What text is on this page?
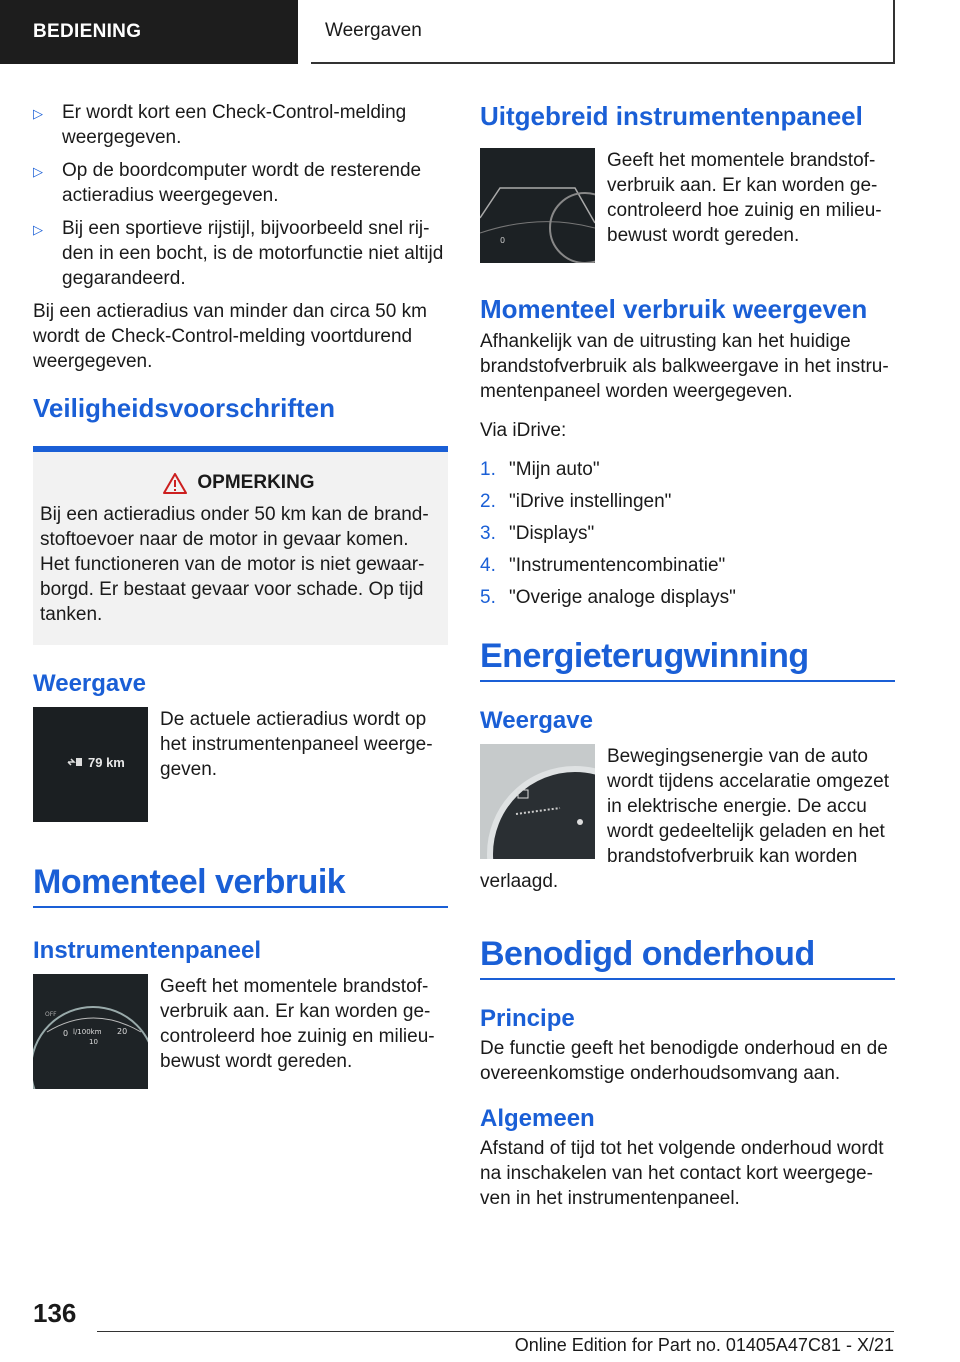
BEDIENING	Weergaven
▷ Er wordt kort een Check-Control-melding weergegeven.
▷ Op de boordcomputer wordt de resterende actieradius weergegeven.
▷ Bij een sportieve rijstijl, bijvoorbeeld snel rijden in een bocht, is de motorfunctie niet altijd gegarandeerd.

Bij een actieradius van minder dan circa 50 km wordt de Check-Control-melding voortdurend weergegeven.

Veiligheidsvoorschriften
OPMERKING

Bij een actieradius onder 50 km kan de brandstoftoevoer naar de motor in gevaar komen. Het functioneren van de motor is niet gewaarborgd. Er bestaat gevaar voor schade. Op tijd tanken.

Weergave
79 km

De actuele actieradius wordt op het instrumentenpaneel weergegeven.

Momenteel verbruik
Instrumentenpaneel
OFF
20
l/100km
10
0

Geeft het momentele brandstofverbruik aan. Er kan worden gecontroleerd hoe zuinig en milieubewust wordt gereden.

Uitgebreid instrumentenpaneel
0

Geeft het momentele brandstofverbruik aan. Er kan worden gecontroleerd hoe zuinig en milieubewust wordt gereden.

Momenteel verbruik weergeven

Afhankelijk van de uitrusting kan het huidige brandstofverbruik als balkweergave in het instrumentenpaneel worden weergegeven.

Via iDrive:

1. "Mijn auto"
2. "iDrive instellingen"
3. "Displays"
4. "Instrumentencombinatie"
5. "Overige analoge displays"
Energieterugwinning
Weergave

Bewegingsenergie van de auto wordt tijdens accelaratie omgezet in elektrische energie. De accu wordt gedeeltelijk geladen en het brandstofverbruik kan worden verlaagd.

Benodigd onderhoud
Principe

De functie geeft het benodigde onderhoud en de overeenkomstige onderhoudsomvang aan.

Algemeen

Afstand of tijd tot het volgende onderhoud wordt na inschakelen van het contact kort weergegeven in het instrumentenpaneel.

136
Online Edition for Part no. 01405A47C81 - X/21
